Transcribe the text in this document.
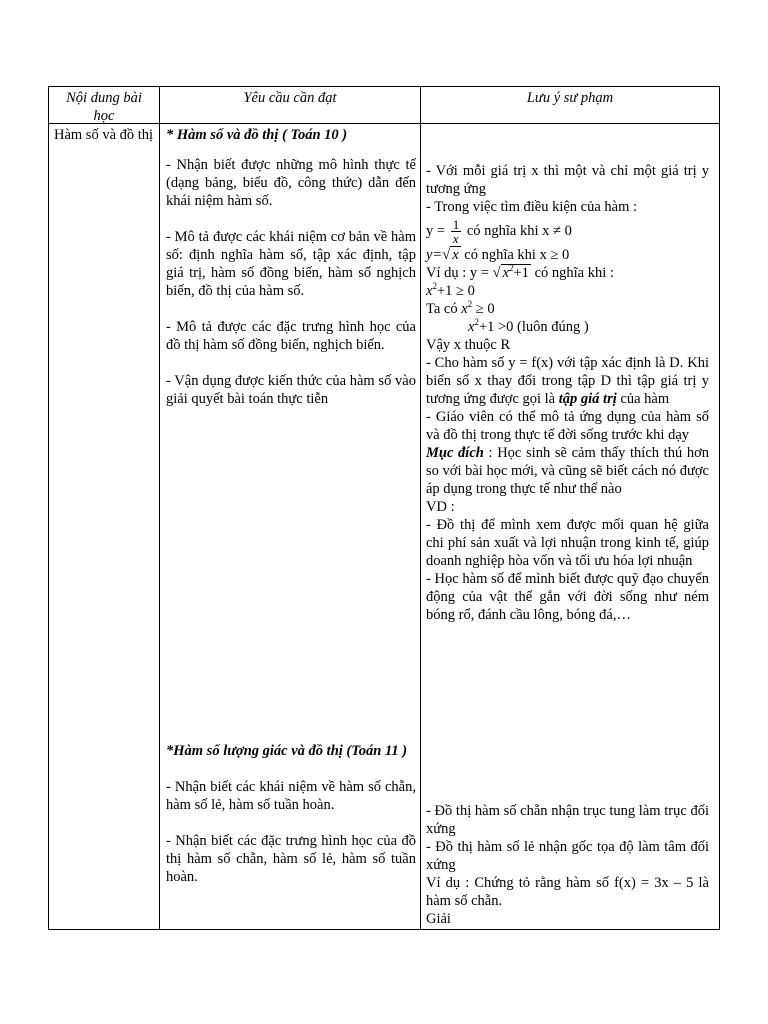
Nội dung bài học
Yêu cầu cần đạt	Lưu ý sư phạm
Hàm số và đồ thị * Hàm số và đồ thị ( Toán 10 )

- Nhận biết được những mô hình thực tế (dạng bảng, biểu đồ, công thức) dẫn đến khái niệm hàm số.

- Mô tả được các khái niệm cơ bản về hàm số: định nghĩa hàm số, tập xác định, tập giá trị, hàm số đồng biến, hàm số nghịch biến, đồ thị của hàm số.

- Mô tả được các đặc trưng hình học của đồ thị hàm số đồng biến, nghịch biến.

- Vận dụng được kiến thức của hàm số vào giải quyết bài toán thực tiễn

*Hàm số lượng giác và đồ thị (Toán 11 )

- Nhận biết các khái niệm về hàm số chẵn, hàm số lẻ, hàm số tuần hoàn.

- Nhận biết các đặc trưng hình học của đồ thị hàm số chẵn, hàm số lẻ, hàm số tuần hoàn.

- Với mỗi giá trị x thì một và chỉ một giá trị y tương ứng

- Trong việc tìm điều kiện của hàm :

$y = \frac{1}{x}$ có nghĩa khi x ≠ 0

y=√ x có nghĩa khi x ≥ 0

Ví dụ : y = √ $x^2+1$ có nghĩa khi :

$x^2+1 \ge 0$

Ta có $x^2 \ge 0$

$x^2+1 >0$ (luôn đúng )

Vậy x thuộc R

- Cho hàm số y = f(x) với tập xác định là D. Khi biến số x thay đổi trong tập D thì tập giá trị y tương ứng được gọi là tập giá trị của hàm

- Giáo viên có thể mô tả ứng dụng của hàm số và đồ thị trong thực tế đời sống trước khi dạy

Mục đích : Học sinh sẽ cảm thấy thích thú hơn so với bài học mới, và cũng sẽ biết cách nó được áp dụng trong thực tế như thế nào

VD :

- Đồ thị để mình xem được mối quan hệ giữa chi phí sản xuất và lợi nhuận trong kinh tế, giúp doanh nghiệp hòa vốn và tối ưu hóa lợi nhuận

- Học hàm số để mình biết được quỹ đạo chuyển động của vật thể gắn với đời sống như ném bóng rổ, đánh cầu lông, bóng đá,…

- Đồ thị hàm số chẵn nhận trục tung làm trục đối xứng

- Đồ thị hàm số lẻ nhận gốc tọa độ làm tâm đối xứng

Ví dụ : Chứng tỏ rằng hàm số f(x) = 3x – 5 là hàm số chẵn.

Giải
